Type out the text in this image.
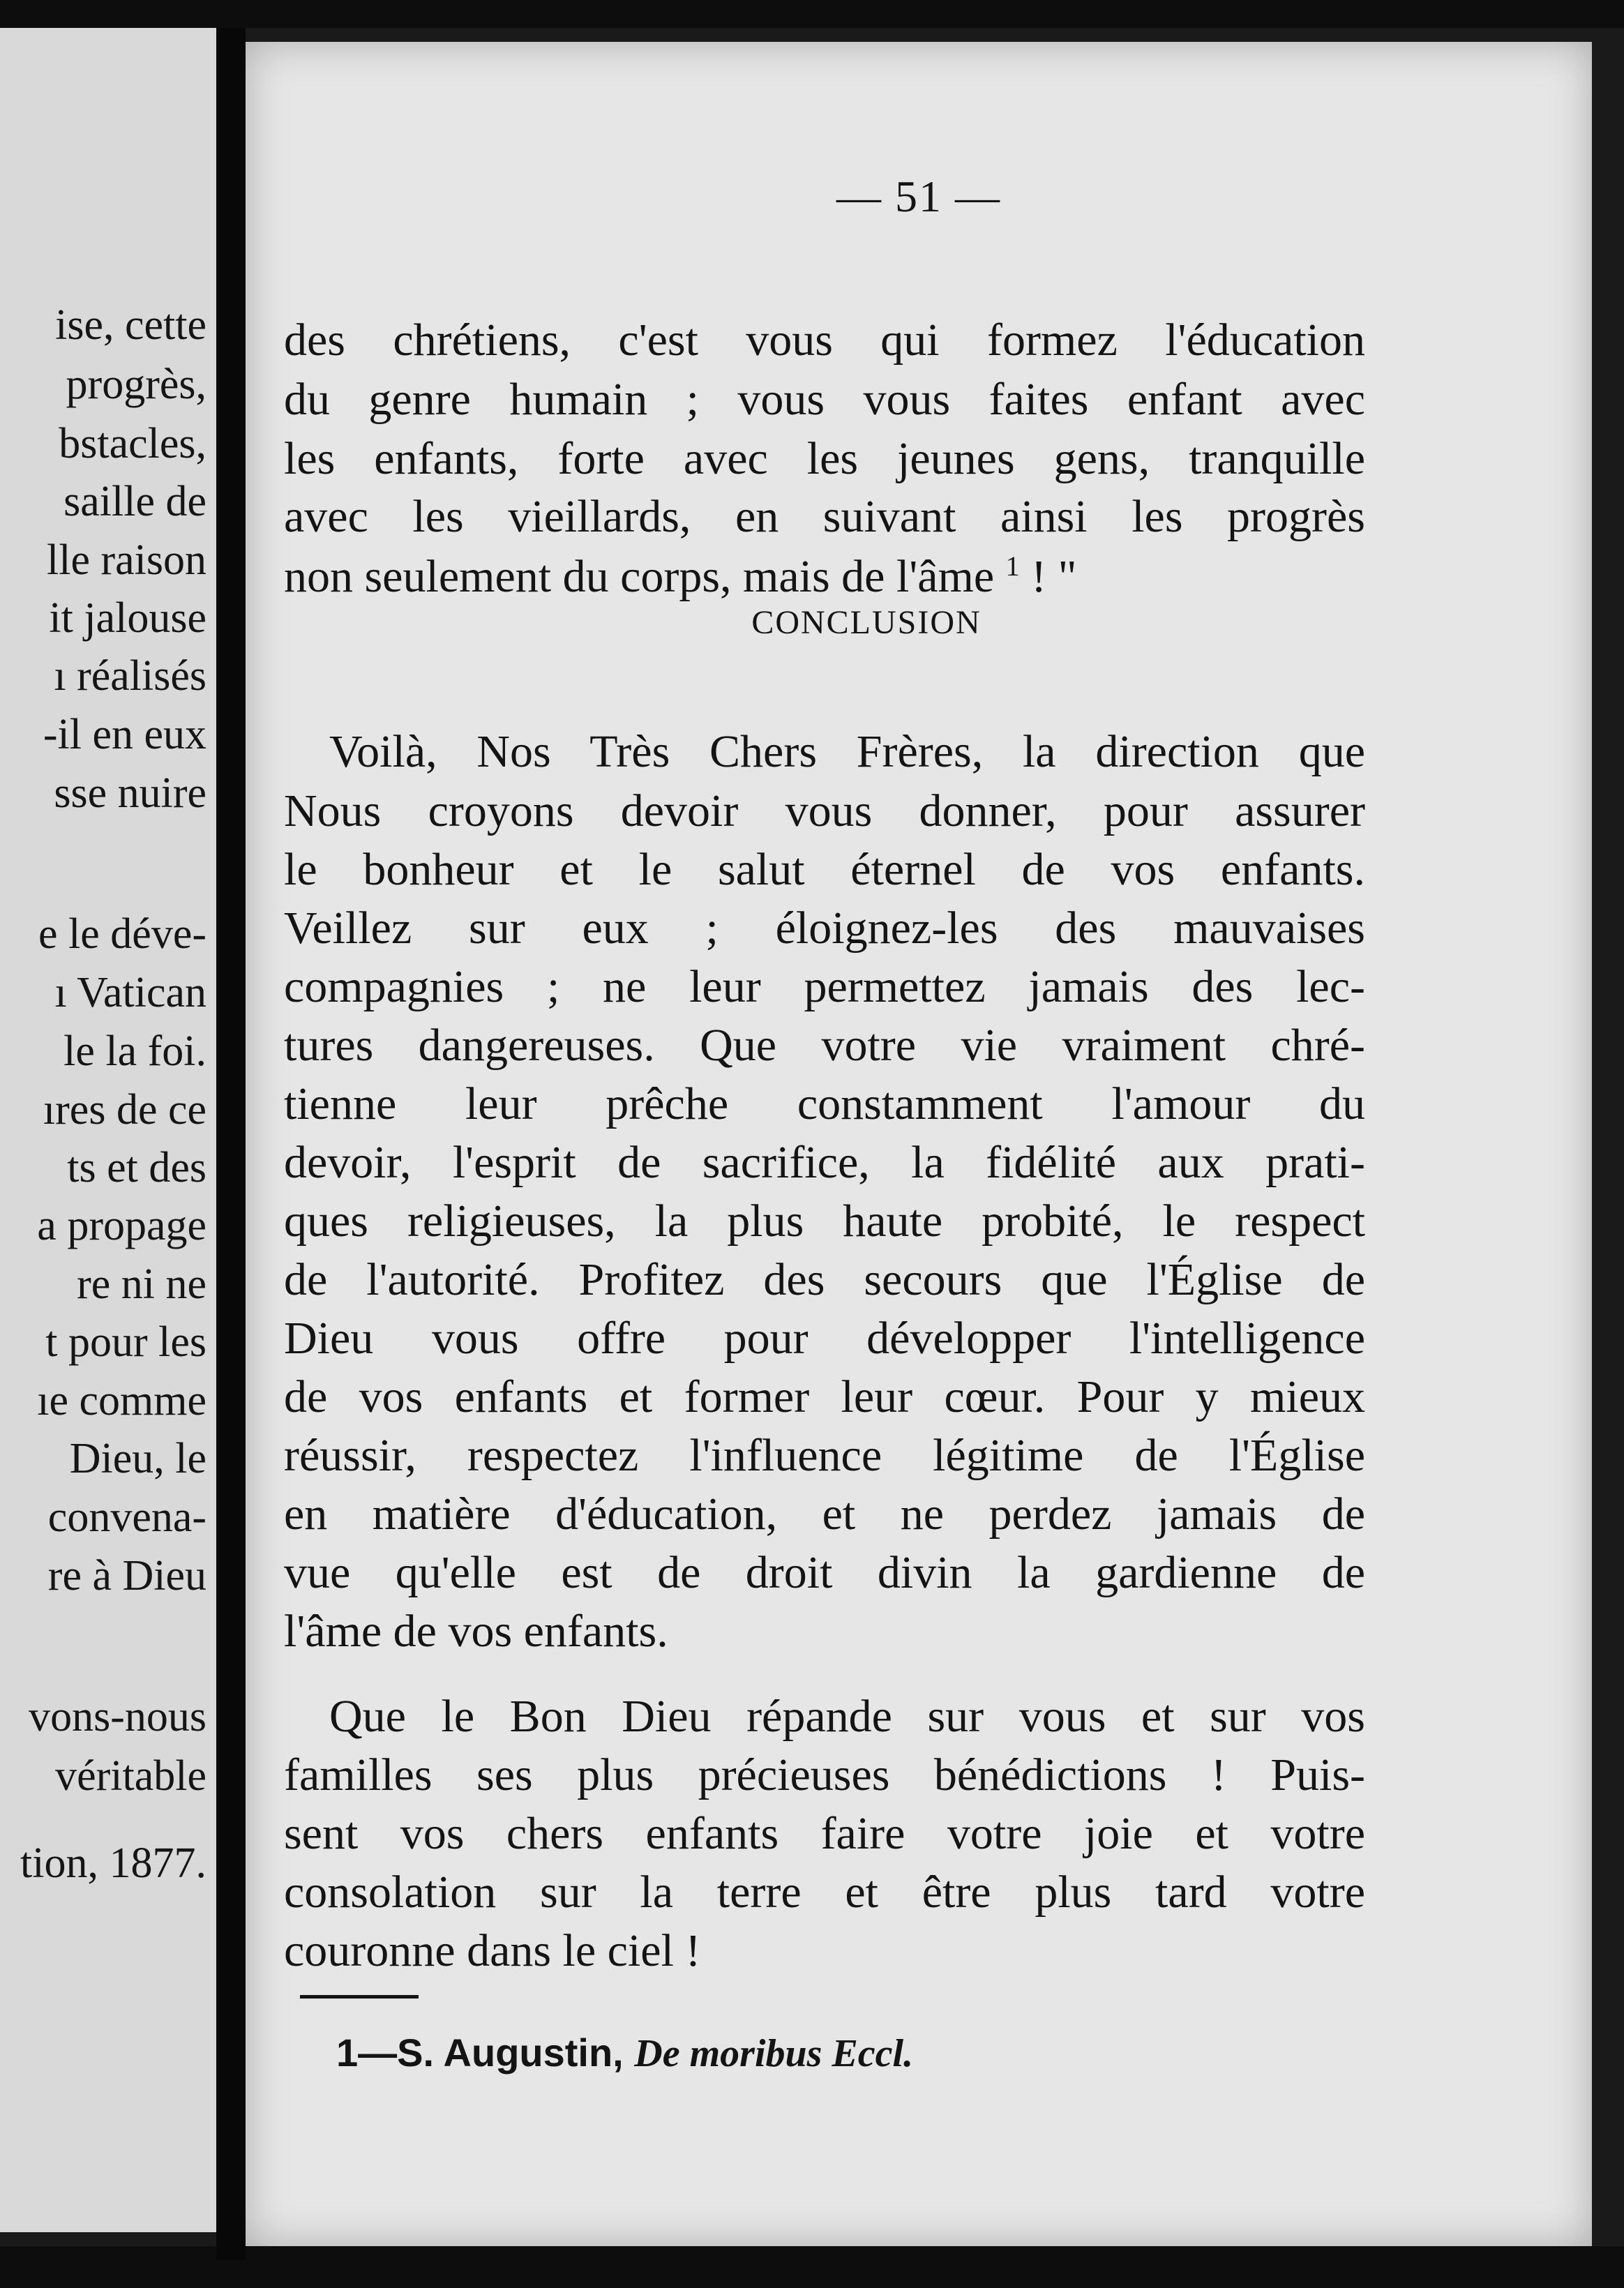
ise, cette
progrès,
bstacles,
saille de
lle raison
it jalouse
ı réalisés
-il en eux
sse nuire
e le déve-
ı Vatican
le la foi.
ıres de ce
ts et des
a propage
re ni ne
t pour les
ıe comme
Dieu, le
convena-
re à Dieu
vons-nous
véritable
tion, 1877.
— 51 —
des chrétiens, c'est vous qui formez l'éducation
du genre humain ; vous vous faites enfant avec
les enfants, forte avec les jeunes gens, tranquille
avec les vieillards, en suivant ainsi les progrès
non seulement du corps, mais de l'âme $^1$ ! "
CONCLUSION
Voilà, Nos Très Chers Frères, la direction que
Nous croyons devoir vous donner, pour assurer
le bonheur et le salut éternel de vos enfants.
Veillez sur eux ; éloignez-les des mauvaises
compagnies ; ne leur permettez jamais des lec-
tures dangereuses. Que votre vie vraiment chré-
tienne leur prêche constamment l'amour du
devoir, l'esprit de sacrifice, la fidélité aux prati-
ques religieuses, la plus haute probité, le respect
de l'autorité. Profitez des secours que l'Église de
Dieu vous offre pour développer l'intelligence
de vos enfants et former leur cœur. Pour y mieux
réussir, respectez l'influence légitime de l'Église
en matière d'éducation, et ne perdez jamais de
vue qu'elle est de droit divin la gardienne de
l'âme de vos enfants.
Que le Bon Dieu répande sur vous et sur vos
familles ses plus précieuses bénédictions ! Puis-
sent vos chers enfants faire votre joie et votre
consolation sur la terre et être plus tard votre
couronne dans le ciel !
1—S. Augustin, De moribus Eccl.
